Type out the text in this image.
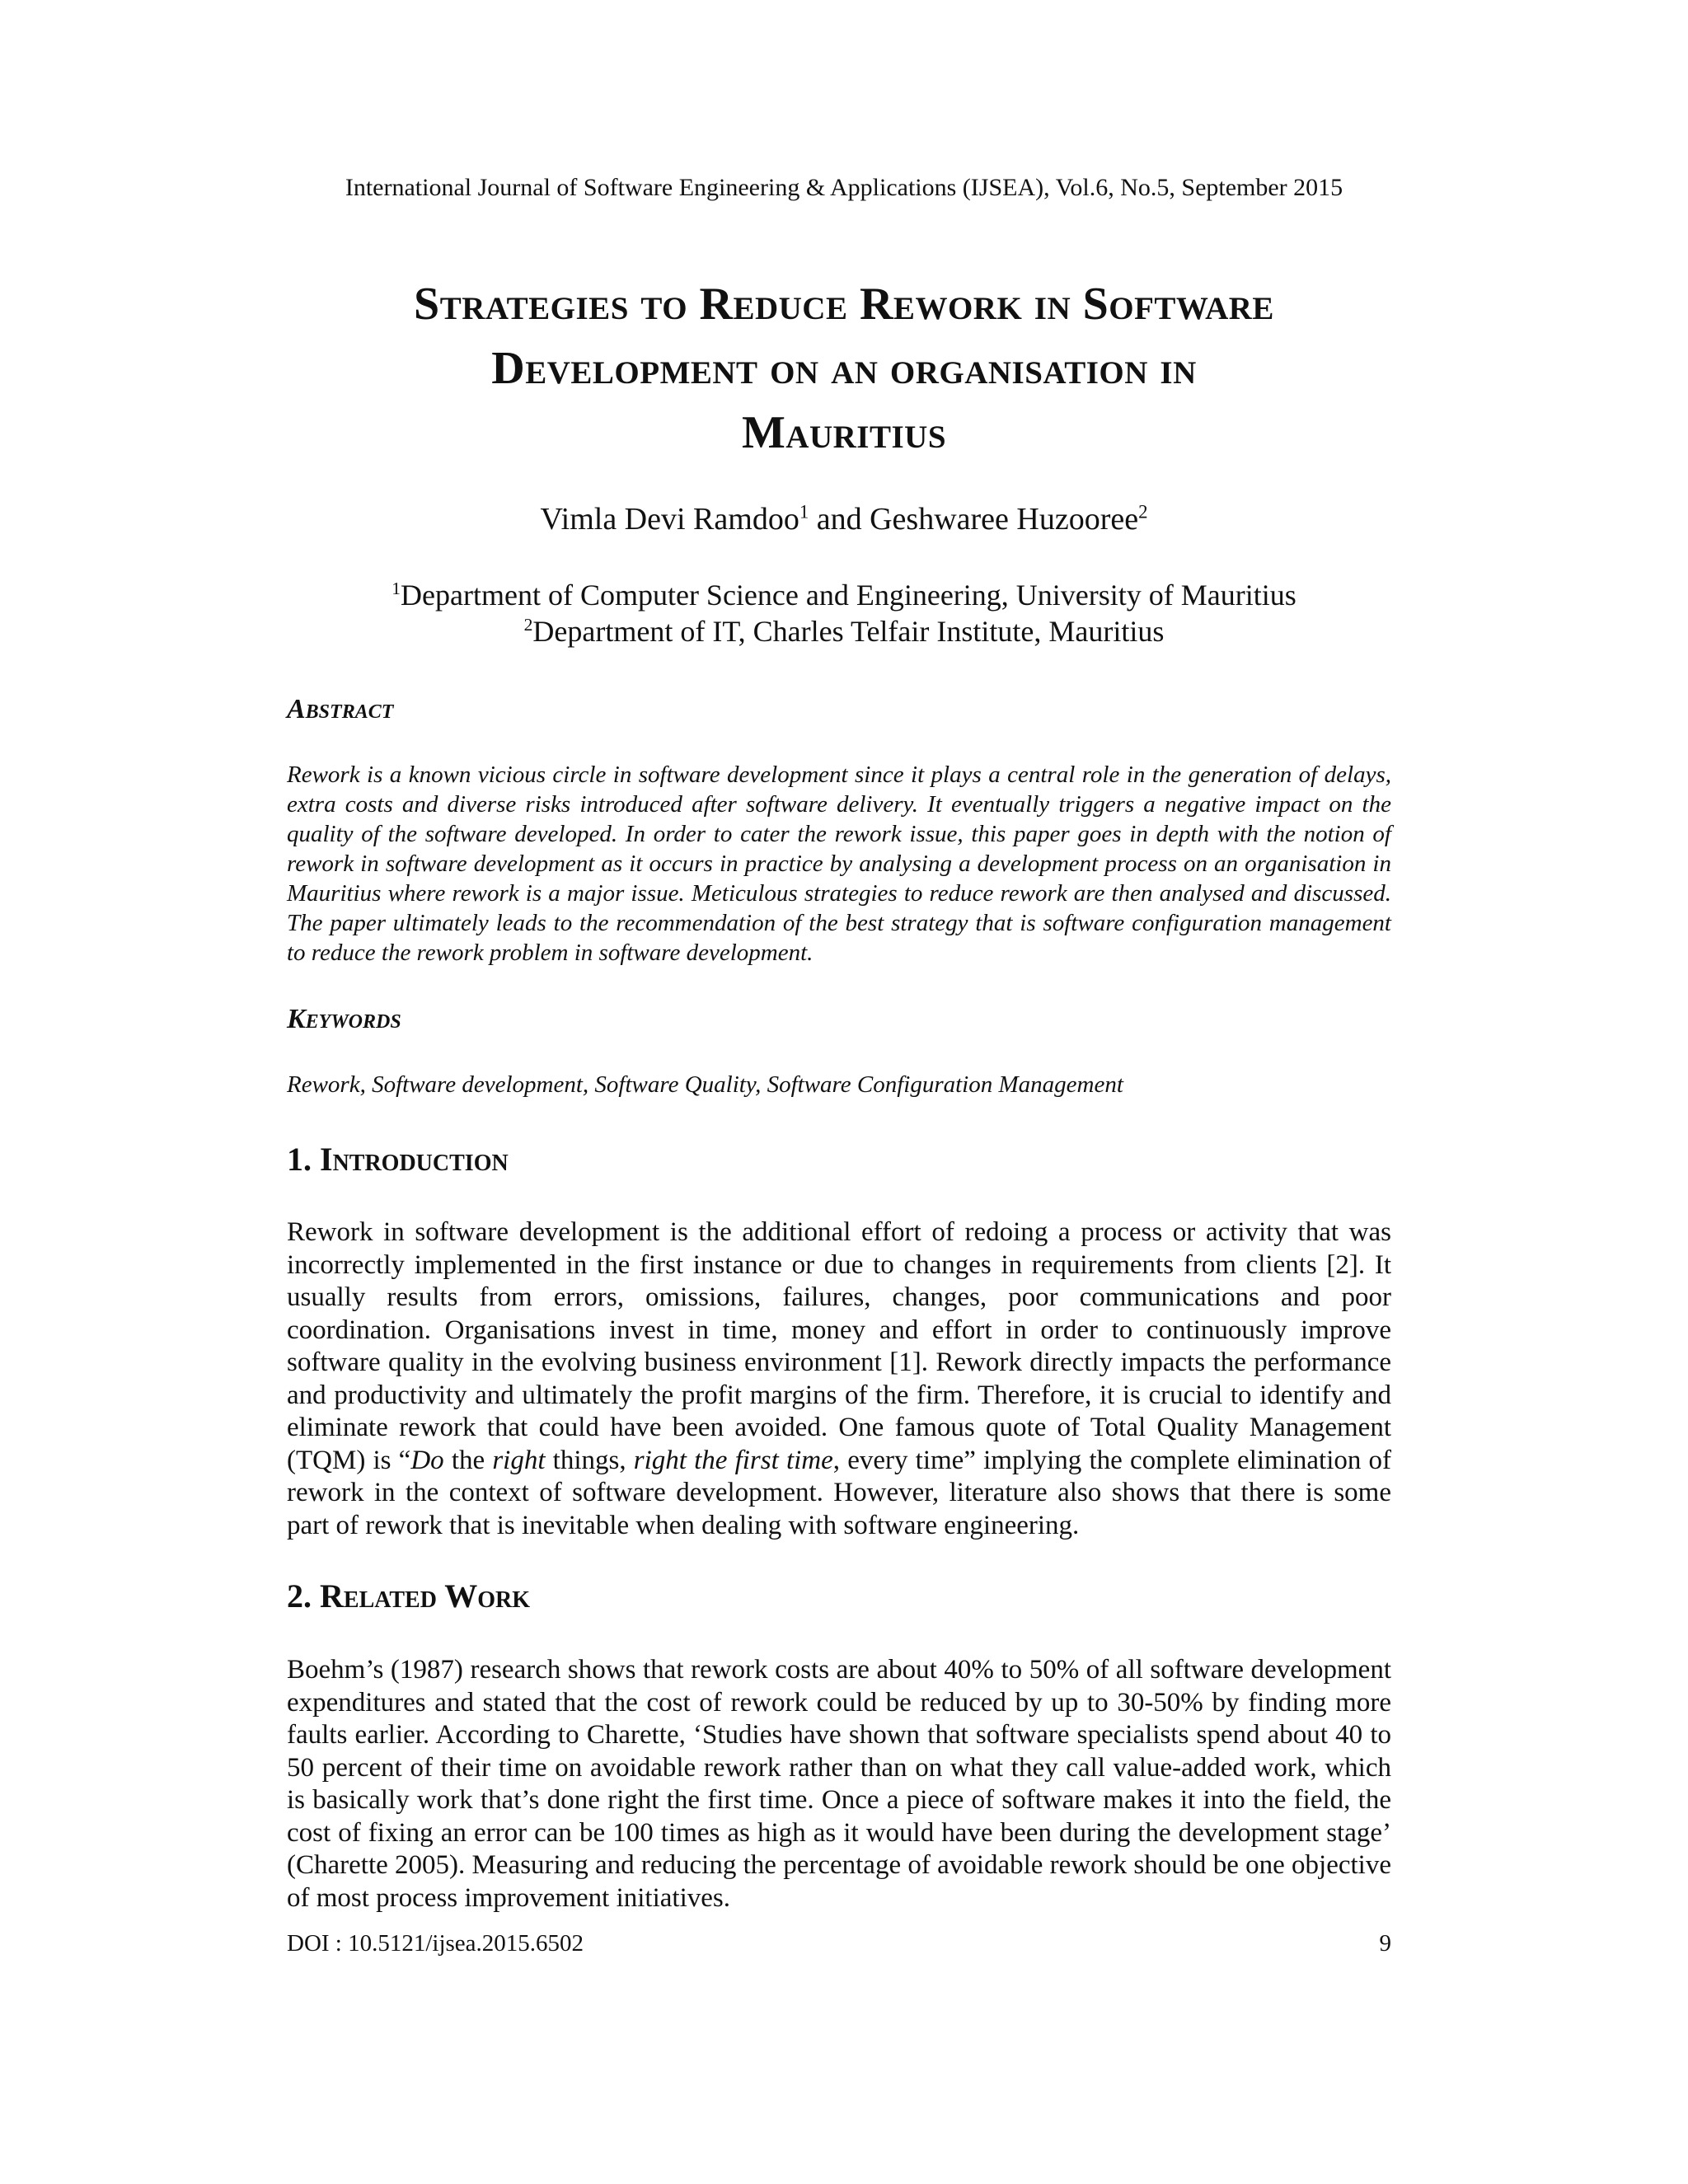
International Journal of Software Engineering & Applications (IJSEA), Vol.6, No.5, September 2015
Strategies to Reduce Rework in Software
Development on an organisation in
Mauritius
Vimla Devi Ramdoo$^1$ and Geshwaree Huzooree$^2$
$^1$Department of Computer Science and Engineering, University of Mauritius
$^2$Department of IT, Charles Telfair Institute, Mauritius
Abstract

Rework is a known vicious circle in software development since it plays a central role in the generation of delays, extra costs and diverse risks introduced after software delivery. It eventually triggers a negative impact on the quality of the software developed. In order to cater the rework issue, this paper goes in depth with the notion of rework in software development as it occurs in practice by analysing a development process on an organisation in Mauritius where rework is a major issue. Meticulous strategies to reduce rework are then analysed and discussed. The paper ultimately leads to the recommendation of the best strategy that is software configuration management to reduce the rework problem in software development.

Keywords

Rework, Software development, Software Quality, Software Configuration Management

1. Introduction

Rework in software development is the additional effort of redoing a process or activity that was incorrectly implemented in the first instance or due to changes in requirements from clients [2]. It usually results from errors, omissions, failures, changes, poor communications and poor coordination. Organisations invest in time, money and effort in order to continuously improve software quality in the evolving business environment [1]. Rework directly impacts the performance and productivity and ultimately the profit margins of the firm. Therefore, it is crucial to identify and eliminate rework that could have been avoided. One famous quote of Total Quality Management (TQM) is “Do the right things, right the first time, every time” implying the complete elimination of rework in the context of software development. However, literature also shows that there is some part of rework that is inevitable when dealing with software engineering.

2. Related Work

Boehm’s (1987) research shows that rework costs are about 40% to 50% of all software development expenditures and stated that the cost of rework could be reduced by up to 30-50% by finding more faults earlier. According to Charette, ‘Studies have shown that software specialists spend about 40 to 50 percent of their time on avoidable rework rather than on what they call value-added work, which is basically work that’s done right the first time. Once a piece of software makes it into the field, the cost of fixing an error can be 100 times as high as it would have been during the development stage’ (Charette 2005). Measuring and reducing the percentage of avoidable rework should be one objective of most process improvement initiatives.

DOI : 10.5121/ijsea.2015.6502	9
